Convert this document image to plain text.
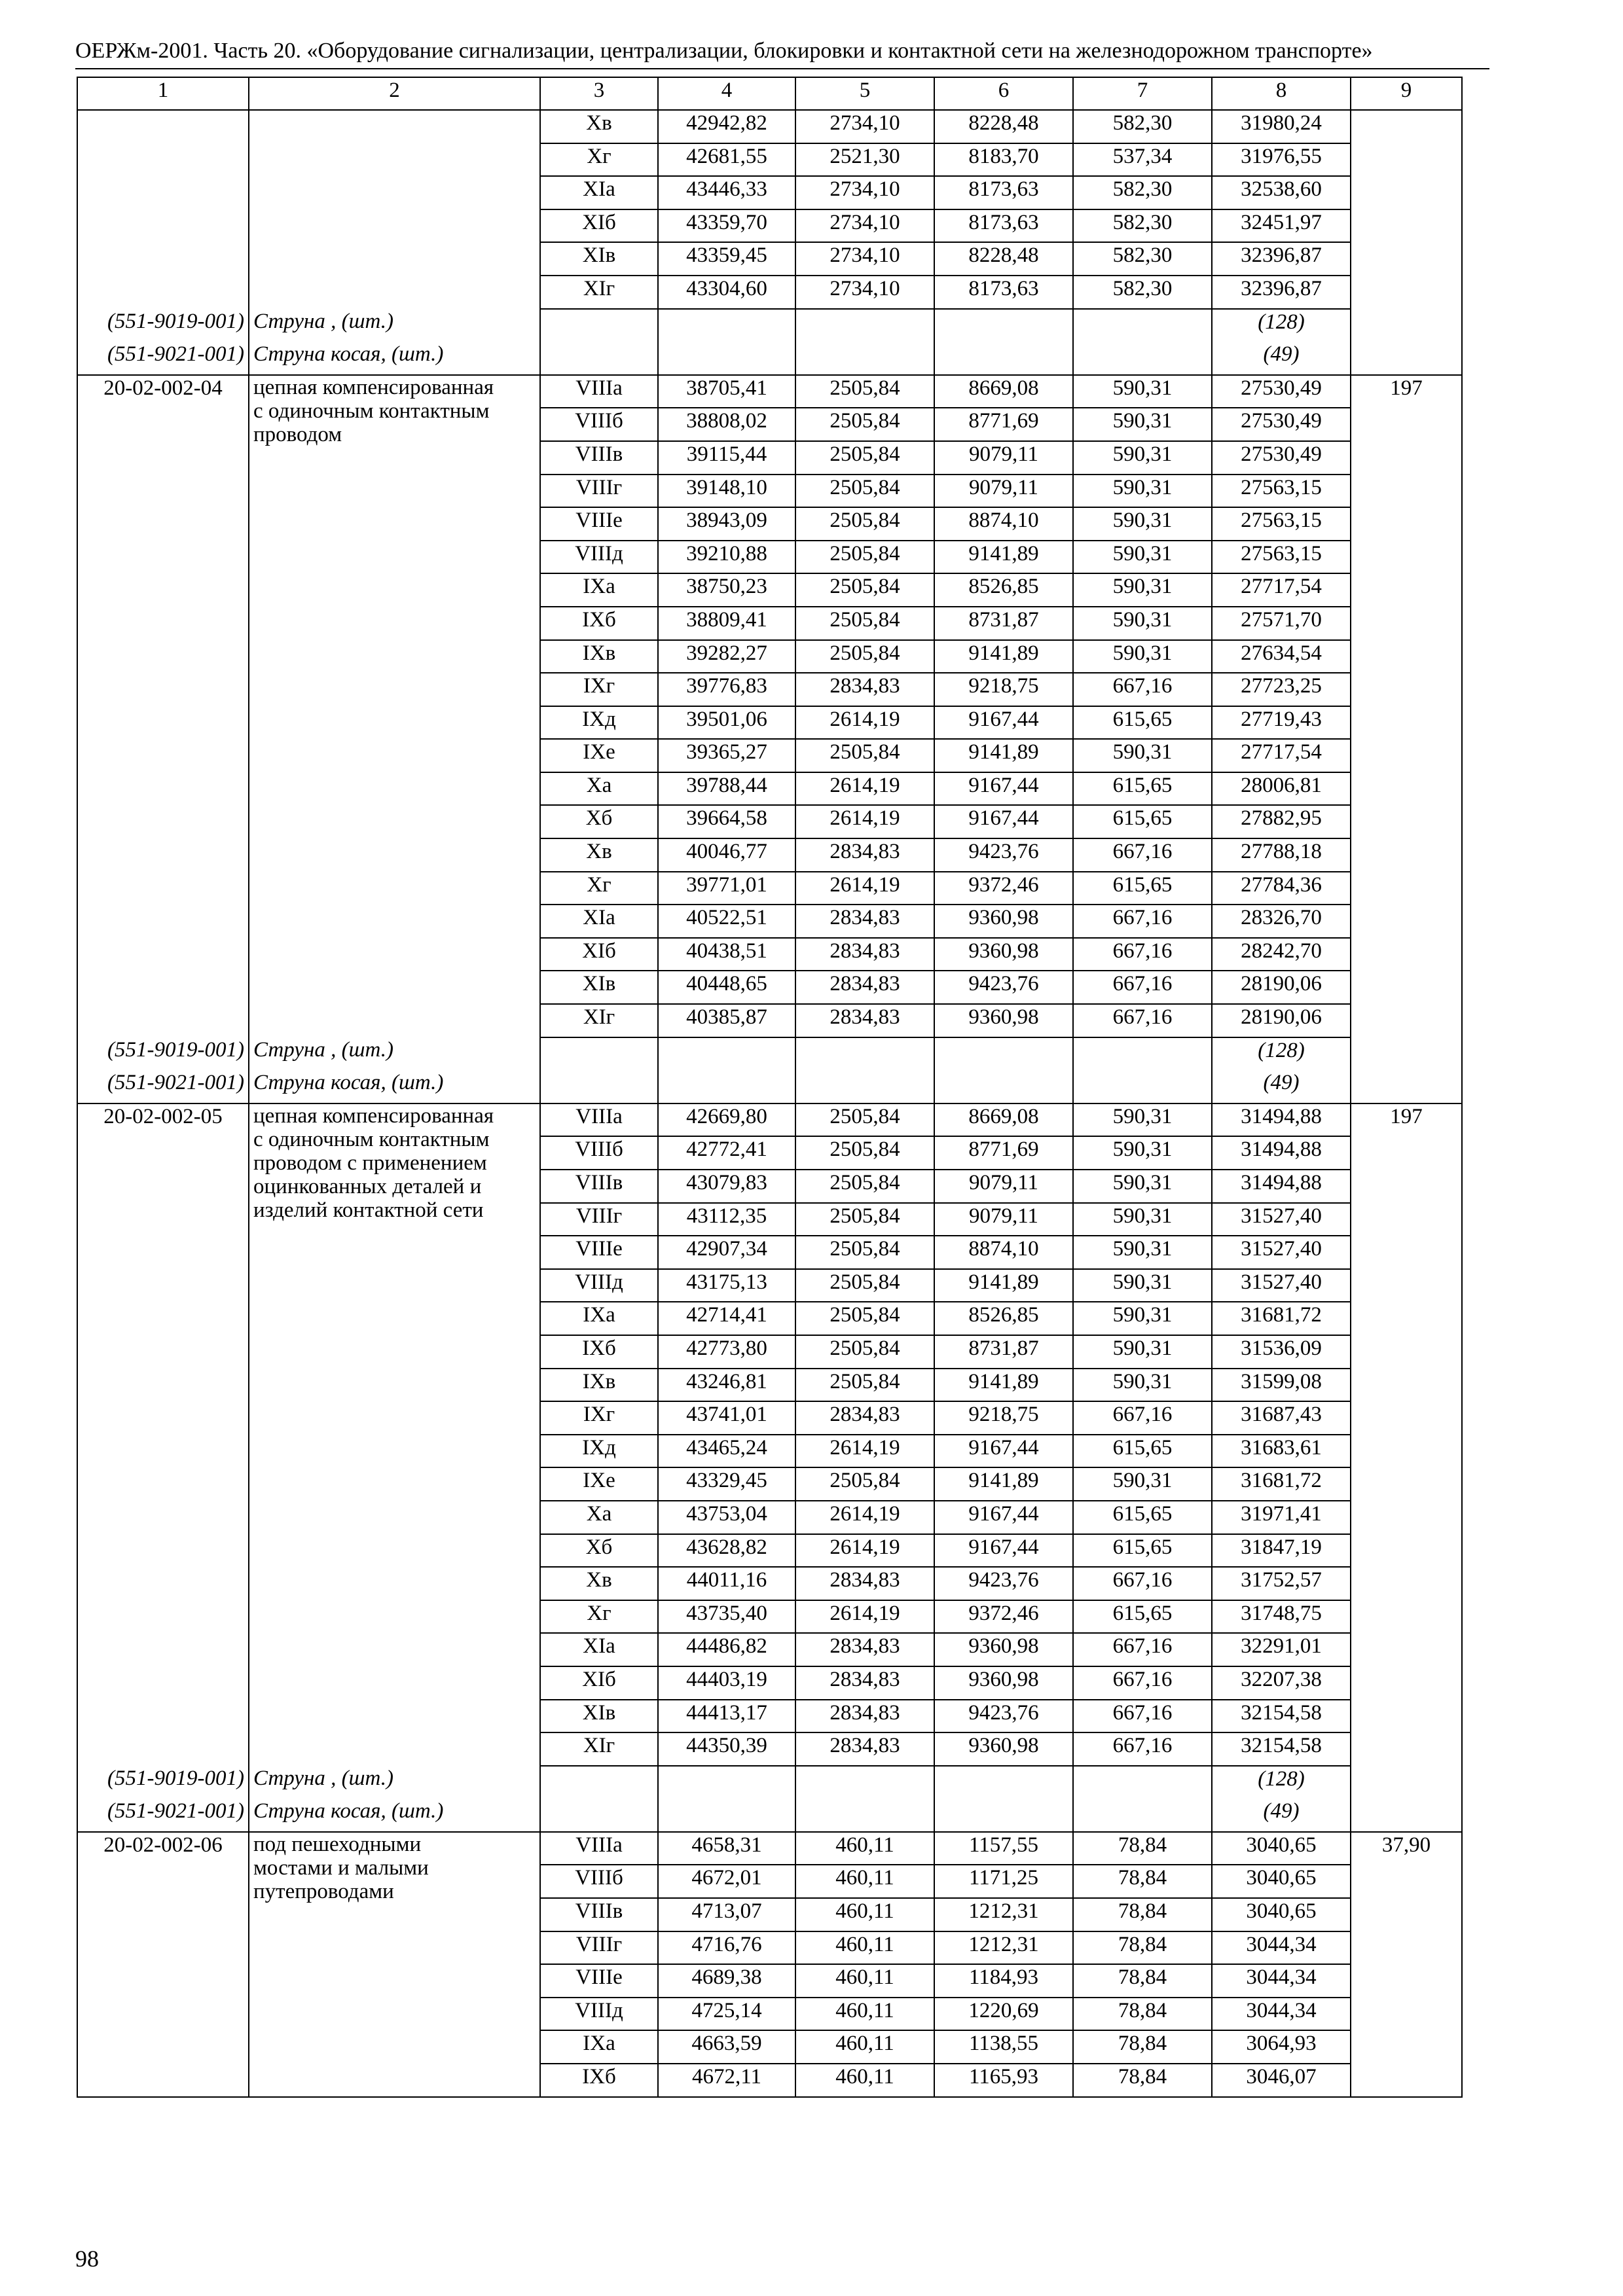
ОЕРЖм-2001. Часть 20. «Оборудование сигнализации, централизации, блокировки и контактной сети на железнодорожном транспорте»
1	2	3	4	5	6	7	8	9
		Хв	42942,82	2734,10	8228,48	582,30	31980,24	
		Хг	42681,55	2521,30	8183,70	537,34	31976,55	
		ХIа	43446,33	2734,10	8173,63	582,30	32538,60	
		ХIб	43359,70	2734,10	8173,63	582,30	32451,97	
		ХIв	43359,45	2734,10	8228,48	582,30	32396,87	
		ХIг	43304,60	2734,10	8173,63	582,30	32396,87	
(551-9019-001)	Струна , (шт.)						(128)	
(551-9021-001)	Струна косая, (шт.)						(49)	
20-02-002-04	цепная компенсированная
с одиночным контактным
проводом	VIIIа	38705,41	2505,84	8669,08	590,31	27530,49	197
		VIIIб	38808,02	2505,84	8771,69	590,31	27530,49	
		VIIIв	39115,44	2505,84	9079,11	590,31	27530,49	
		VIIIг	39148,10	2505,84	9079,11	590,31	27563,15	
		VIIIе	38943,09	2505,84	8874,10	590,31	27563,15	
		VIIIд	39210,88	2505,84	9141,89	590,31	27563,15	
		IХа	38750,23	2505,84	8526,85	590,31	27717,54	
		IХб	38809,41	2505,84	8731,87	590,31	27571,70	
		IХв	39282,27	2505,84	9141,89	590,31	27634,54	
		IХг	39776,83	2834,83	9218,75	667,16	27723,25	
		IХд	39501,06	2614,19	9167,44	615,65	27719,43	
		IХе	39365,27	2505,84	9141,89	590,31	27717,54	
		Ха	39788,44	2614,19	9167,44	615,65	28006,81	
		Хб	39664,58	2614,19	9167,44	615,65	27882,95	
		Хв	40046,77	2834,83	9423,76	667,16	27788,18	
		Хг	39771,01	2614,19	9372,46	615,65	27784,36	
		ХIа	40522,51	2834,83	9360,98	667,16	28326,70	
		ХIб	40438,51	2834,83	9360,98	667,16	28242,70	
		ХIв	40448,65	2834,83	9423,76	667,16	28190,06	
		ХIг	40385,87	2834,83	9360,98	667,16	28190,06	
(551-9019-001)	Струна , (шт.)						(128)	
(551-9021-001)	Струна косая, (шт.)						(49)	
20-02-002-05	цепная компенсированная
с одиночным контактным
проводом с применением
оцинкованных деталей и
изделий контактной сети	VIIIа	42669,80	2505,84	8669,08	590,31	31494,88	197
		VIIIб	42772,41	2505,84	8771,69	590,31	31494,88	
		VIIIв	43079,83	2505,84	9079,11	590,31	31494,88	
		VIIIг	43112,35	2505,84	9079,11	590,31	31527,40	
		VIIIе	42907,34	2505,84	8874,10	590,31	31527,40	
		VIIIд	43175,13	2505,84	9141,89	590,31	31527,40	
		IХа	42714,41	2505,84	8526,85	590,31	31681,72	
		IХб	42773,80	2505,84	8731,87	590,31	31536,09	
		IХв	43246,81	2505,84	9141,89	590,31	31599,08	
		IХг	43741,01	2834,83	9218,75	667,16	31687,43	
		IХд	43465,24	2614,19	9167,44	615,65	31683,61	
		IХе	43329,45	2505,84	9141,89	590,31	31681,72	
		Ха	43753,04	2614,19	9167,44	615,65	31971,41	
		Хб	43628,82	2614,19	9167,44	615,65	31847,19	
		Хв	44011,16	2834,83	9423,76	667,16	31752,57	
		Хг	43735,40	2614,19	9372,46	615,65	31748,75	
		ХIа	44486,82	2834,83	9360,98	667,16	32291,01	
		ХIб	44403,19	2834,83	9360,98	667,16	32207,38	
		ХIв	44413,17	2834,83	9423,76	667,16	32154,58	
		ХIг	44350,39	2834,83	9360,98	667,16	32154,58	
(551-9019-001)	Струна , (шт.)						(128)	
(551-9021-001)	Струна косая, (шт.)						(49)	
20-02-002-06	под пешеходными
мостами и малыми
путепроводами	VIIIа	4658,31	460,11	1157,55	78,84	3040,65	37,90
		VIIIб	4672,01	460,11	1171,25	78,84	3040,65	
		VIIIв	4713,07	460,11	1212,31	78,84	3040,65	
		VIIIг	4716,76	460,11	1212,31	78,84	3044,34	
		VIIIе	4689,38	460,11	1184,93	78,84	3044,34	
		VIIIд	4725,14	460,11	1220,69	78,84	3044,34	
		IХа	4663,59	460,11	1138,55	78,84	3064,93	
		IХб	4672,11	460,11	1165,93	78,84	3046,07	
98
